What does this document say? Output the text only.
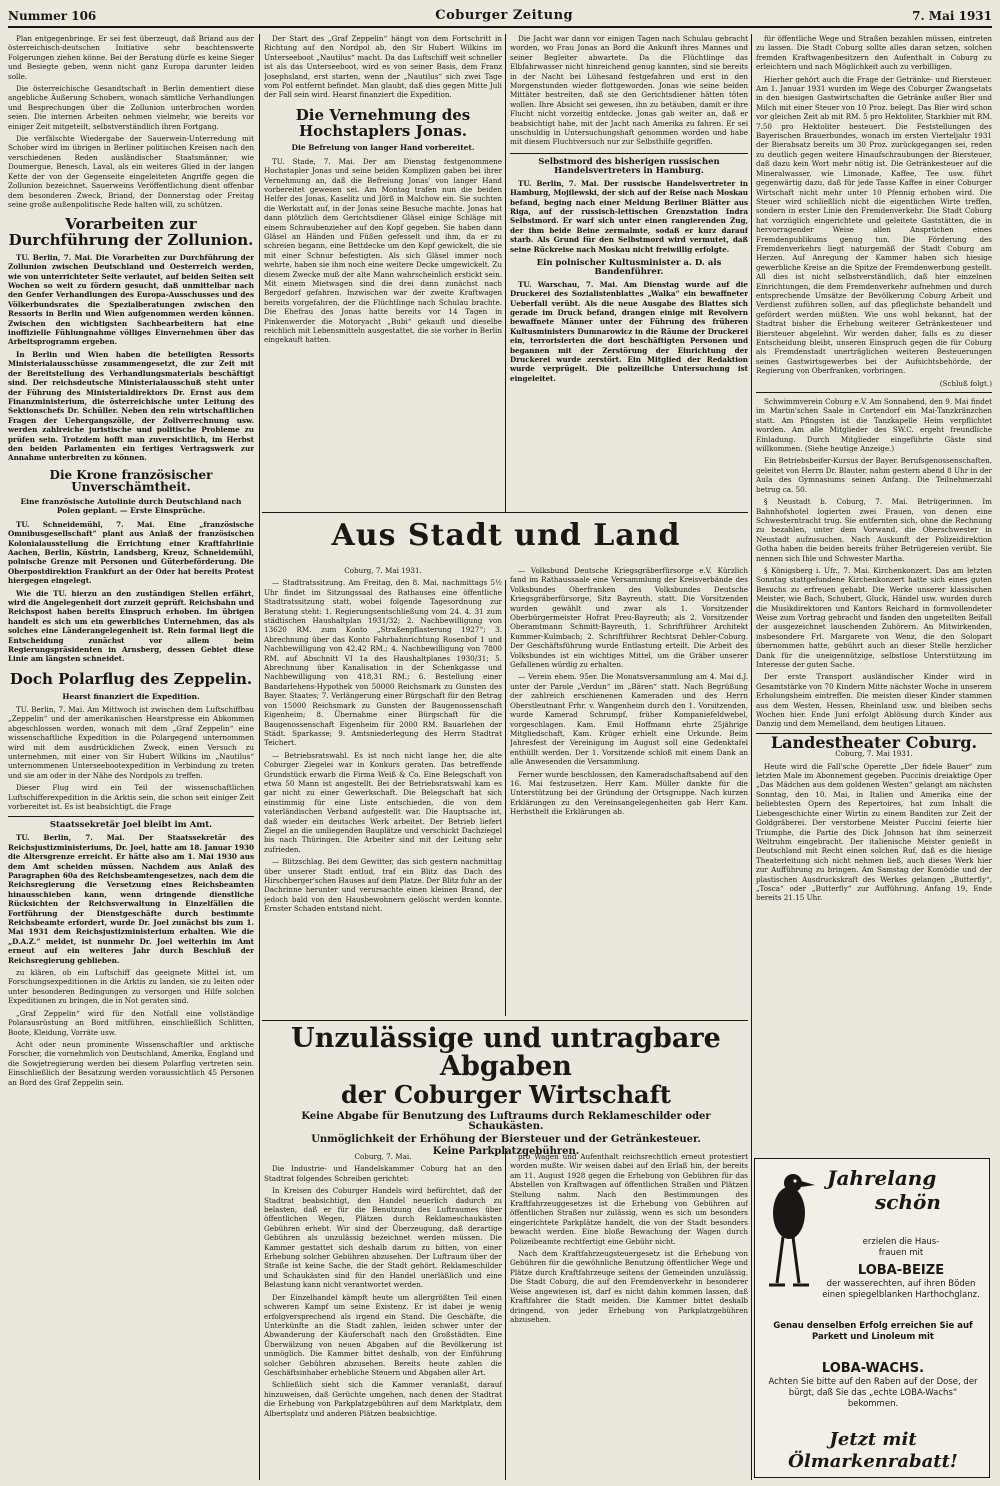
Nummer 106	Coburger Zeitung	7. Mai 1931

Plan entgegenbringe. Er sei fest überzeugt, daß Briand aus der österreichisch-deutschen Initiative sehr beachtenswerte Folgerungen ziehen könne. Bei der Beratung dürfe es keine Sieger und Besiegte geben, wenn nicht ganz Europa darunter leiden solle.

Die österreichische Gesandtschaft in Berlin dementiert diese angebliche Äußerung Schobers, wonach sämtliche Verhandlungen und Besprechungen über die Zollunion unterbrochen worden seien. Die internen Arbeiten nehmen vielmehr, wie bereits vor einiger Zeit mitgeteilt, selbstverständlich ihren Fortgang.

Die verfälschte Wiedergabe der Sauerwein-Unterredung mit Schober wird im übrigen in Berliner politischen Kreisen nach den verschiedenen Reden ausländischer Staatsmänner, wie Doumergue, Benesch, Laval, als ein weiteres Glied in der langen Kette der von der Gegenseite eingeleiteten Angriffe gegen die Zollunion bezeichnet. Sauerweins Veröffentlichung dient offenbar dem besonderen Zweck, Briand, der Donnerstag oder Freitag seine große außenpolitische Rede halten will, zu schützen.

Vorarbeiten zur Durchführung der Zollunion.

TU. Berlin, 7. Mai. Die Vorarbeiten zur Durchführung der Zollunion zwischen Deutschland und Oesterreich werden, wie von unterrichteter Seite verlautet, auf beiden Seiten seit Wochen so weit zu fördern gesucht, daß unmittelbar nach den Genfer Verhandlungen des Europa-Ausschusses und des Völkerbundsrates die Spezialberatungen zwischen den Ressorts in Berlin und Wien aufgenommen werden können. Zwischen den wichtigsten Sachbearbeitern hat eine inoffizielle Fühlungnahme völliges Einvernehmen über das Arbeitsprogramm ergeben.

In Berlin und Wien haben die beteiligten Ressorts Ministerialausschüsse zusammengesetzt, die zur Zeit mit der Bereitstellung des Verhandlungsmaterials beschäftigt sind. Der reichsdeutsche Ministerialausschuß steht unter der Führung des Ministerialdirektors Dr. Ernst aus dem Finanzministerium, die österreichische unter Leitung des Sektionschefs Dr. Schüller. Neben den rein wirtschaftlichen Fragen der Uebergangszölle, der Zollverrechnung usw. werden zahlreiche juristische und politische Probleme zu prüfen sein. Trotzdem hofft man zuversichtlich, im Herbst den beiden Parlamenten ein fertiges Vertragswerk zur Annahme unterbreiten zu können.

Die Krone französischer Unverschämtheit.
Eine französische Autolinie durch Deutschland nach Polen geplant. — Erste Einsprüche.

TU. Schneidemühl, 7. Mai. Eine „französische Omnibusgesellschaft“ plant aus Anlaß der französischen Kolonialausstellung die Errichtung einer Kraftfahrlinie Aachen, Berlin, Küstrin, Landsberg, Kreuz, Schneidemühl, polnische Grenze mit Personen und Güterbeförderung. Die Oberpostdirektion Frankfurt an der Oder hat bereits Protest hiergegen eingelegt.

Wie die TU. hierzu an den zuständigen Stellen erfährt, wird die Angelegenheit dort zurzeit geprüft. Reichsbahn und Reichspost haben bereits Einspruch erhoben. Im übrigen handelt es sich um ein gewerbliches Unternehmen, das als solches eine Länderangelegenheit ist. Rein formal liegt die Entscheidung zunächst vor allem beim Regierungspräsidenten in Arnsberg, dessen Gebiet diese Linie am längsten schneidet.

Doch Polarflug des Zeppelin.
Hearst finanziert die Expedition.

TU. Berlin, 7. Mai. Am Mittwoch ist zwischen dem Luftschiffbau „Zeppelin“ und der amerikanischen Hearstpresse ein Abkommen abgeschlossen worden, wonach mit dem „Graf Zeppelin“ eine wissenschaftliche Expedition in die Polargegend unternommen wird mit dem ausdrücklichen Zweck, einen Versuch zu unternehmen, mit einer von Sir Hubert Wilkins im „Nautilus“ unternommenen Unterseebootexpedition in Verbindung zu treten und sie am oder in der Nähe des Nordpols zu treffen.

Dieser Flug wird ein Teil der wissenschaftlichen Luftschifferexpedition in die Arktis sein, die schon seit einiger Zeit vorbereitet ist. Es ist beabsichtigt, die Frage

Staatssekretär Joel bleibt im Amt.

TU. Berlin, 7. Mai. Der Staatssekretär des Reichsjustizministeriums, Dr. Joel, hatte am 18. Januar 1930 die Altersgrenze erreicht. Er hätte also am 1. Mai 1930 aus dem Amt scheiden müssen. Nachdem aus Anlaß des Paragraphen 60a des Reichsbeamtengesetzes, nach dem die Reichsregierung die Versetzung eines Reichsbeamten hinausschieben kann, wenn dringende dienstliche Rücksichten der Reichsverwaltung in Einzelfällen die Fortführung der Dienstgeschäfte durch bestimmte Reichsbeamte erfordert, wurde Dr. Joel zunächst bis zum 1. Mai 1931 dem Reichsjustizministerium erhalten. Wie die „D.A.Z.“ meldet, ist nunmehr Dr. Joel weiterhin im Amt erneut auf ein weiteres Jahr durch Beschluß der Reichsregierung geblieben.

zu klären, ob ein Luftschiff das geeignete Mittel ist, um Forschungsexpeditionen in die Arktis zu landen, sie zu leiten oder unter besonderen Bedingungen zu versorgen und Hilfe solchen Expeditionen zu bringen, die in Not geraten sind.

„Graf Zeppelin“ wird für den Notfall eine vollständige Polarausrüstung an Bord mitführen, einschließlich Schlitten, Boote, Kleidung, Vorräte usw.

Acht oder neun prominente Wissenschaftler und arktische Forscher, die vornehmlich von Deutschland, Amerika, England und die Sowjetregierung werden bei diesem Polarflug vertreten sein. Einschließlich der Besatzung werden voraussichtlich 45 Personen an Bord des Graf Zeppelin sein.

Der Start des „Graf Zeppelin“ hängt von dem Fortschritt in Richtung auf den Nordpol ab, den Sir Hubert Wilkins im Unterseeboot „Nautilus“ macht. Da das Luftschiff weit schneller ist als das Unterseeboot, wird es von seiner Basis, dem Franz Josephsland, erst starten, wenn der „Nautilus“ sich zwei Tage vom Pol entfernt befindet. Man glaubt, daß dies gegen Mitte Juli der Fall sein wird. Hearst finanziert die Expedition.

Die Vernehmung des Hochstaplers Jonas.
Die Befreiung von langer Hand vorbereitet.

TU. Stade, 7. Mai. Der am Dienstag festgenommene Hochstapler Jonas und seine beiden Komplizen gaben bei ihrer Vernehmung an, daß die Befreiung Jonas' von langer Hand vorbereitet gewesen sei. Am Montag trafen nun die beiden Helfer des Jonas, Kaselitz und Jörß in Malchow ein. Sie suchten die Werkstatt auf, in der Jonas seine Besuche machte. Jonas hat dann plötzlich dem Gerichtsdiener Gläsel einige Schläge mit einem Schraubenzieher auf den Kopf gegeben. Sie haben dann Gläsel an Händen und Füßen gefesselt und ihm, da er zu schreien begann, eine Bettdecke um den Kopf gewickelt, die sie mit einer Schnur befestigten. Als sich Gläsel immer noch wehrte, haben sie ihm noch eine weitere Decke umgewickelt. Zu diesem Zwecke muß der alte Mann wahrscheinlich erstickt sein. Mit einem Mietwagen sind die drei dann zunächst nach Bergedorf gefahren. Inzwischen war der zweite Kraftwagen bereits vorgefahren, der die Flüchtlinge nach Schulau brachte. Die Ehefrau des Jonas hatte bereits vor 14 Tagen in Pinkenwerder die Motoryacht „Bubi“ gekauft und dieselbe reichlich mit Lebensmitteln ausgestattet, die sie vorher in Berlin eingekauft hatten.

Die Jacht war dann vor einigen Tagen nach Schulau gebracht worden, wo Frau Jonas an Bord die Ankunft ihres Mannes und seiner Begleiter abwartete. Da die Flüchtlinge das Elbfahrwasser nicht hinreichend genug kannten, sind sie bereits in der Nacht bei Lühesand festgefahren und erst in den Morgenstunden wieder flottgeworden. Jonas wie seine beiden Mittäter bestreiten, daß sie den Gerichtsdiener hätten töten wollen. Ihre Absicht sei gewesen, ihn zu betäuben, damit er ihre Flucht nicht vorzeitig entdecke. Jonas gab weiter an, daß er beabsichtigt habe, mit der Jacht nach Amerika zu fahren. Er sei unschuldig in Untersuchungshaft genommen worden und habe mit diesem Fluchtversuch nur zur Selbsthilfe gegriffen.

Selbstmord des bisherigen russischen Handelsvertreters in Hamburg.

TU. Berlin, 7. Mai. Der russische Handelsvertreter in Hamburg, Mojilewski, der sich auf der Reise nach Moskau befand, beging nach einer Meldung Berliner Blätter aus Riga, auf der russisch-lettischen Grenzstation Indra Selbstmord. Er warf sich unter einen rangierenden Zug, der ihm beide Beine zermalmte, sodaß er kurz darauf starb. Als Grund für den Selbstmord wird vermutet, daß seine Rückreise nach Moskau nicht freiwillig erfolgte.

Ein polnischer Kultusminister a. D. als Bandenführer.

TU. Warschau, 7. Mai. Am Dienstag wurde auf die Druckerei des Sozialistenblattes „Walka“ ein bewaffneter Ueberfall verübt. Als die neue Ausgabe des Blattes sich gerade im Druck befand, drangen einige mit Revolvern bewaffnete Männer unter der Führung des früheren Kultusministers Dumnarowicz in die Räume der Druckerei ein, terrorisierten die dort beschäftigten Personen und begannen mit der Zerstörung der Einrichtung der Druckerei wurde zerstört. Ein Mitglied der Redaktion wurde verprügelt. Die polizeiliche Untersuchung ist eingeleitet.

Aus Stadt und Land
Coburg, 7. Mai 1931.

— Stadtratssitzung. Am Freitag, den 8. Mai, nachmittags 5½ Uhr findet im Sitzungssaal des Rathauses eine öffentliche Stadtratssitzung statt, wobei folgende Tagesordnung zur Beratung steht: 1. Regierungsentschließung vom 24. 4. 31 zum städtischen Haushaltplan 1931/32; 2. Nachbewilligung von 13620 RM. zum Konto „Straßenpflasterung 1927“; 3. Abrechnung über das Konto Fahrbahnrichtung Rosenbof 1 und Nachbewilligung von 42,42 RM.; 4. Nachbewilligung von 7800 RM. auf Abschnitt VI 1a des Haushaltplanes 1930/31; 5. Abrechnung über Kanalisation in der Schenkgasse und Nachbewilligung von 418,31 RM.; 6. Bestellung einer Bandarlehens-Hypothek von 50000 Reichsmark zu Gunsten des Bayer. Staates; 7. Verlängerung einer Bürgschaft für den Betrag von 15000 Reichsmark zu Gunsten der Baugenossenschaft Eigenheim; 8. Übernahme einer Bürgschaft für die Baugenossenschaft Eigenheim für 2000 RM. Bauarlehen der Städt. Sparkasse; 9. Amtsniederlegung des Herrn Stadtrat Teichert.

— Betriebsratswahl. Es ist noch nicht lange her, die alte Coburger Ziegelei war in Konkurs geraten. Das betreffende Grundstück erwarb die Firma Weiß & Co. Eine Belegschaft von etwa 50 Mann ist angestellt. Bei der Betriebsratswahl kam es gar nicht zu einer Gewerkschaft. Die Belegschaft hat sich einstimmig für eine Liste entschieden, die von dem vaterländischen Verband aufgestellt war. Die Hauptsache ist, daß wieder ein deutsches Werk arbeitet. Der Betrieb liefert Ziegel an die umliegenden Bauplätze und verschickt Dachziegel bis nach Thüringen. Die Arbeiter sind mit der Leitung sehr zufrieden.

— Blitzschlag. Bei dem Gewitter, das sich gestern nachmittag über unserer Stadt entlud, traf ein Blitz das Dach des Hirschberger'schen Hauses auf dem Platze. Der Blitz fuhr an der Dachrinne herunter und verursachte einen kleinen Brand, der jedoch bald von den Hausbewohnern gelöscht werden konnte. Ernster Schaden entstand nicht.

— Volksbund Deutsche Kriegsgräberfürsorge e.V. Kürzlich fand im Rathaussaale eine Versammlung der Kreisverbände des Volksbundes Oberfranken des Volksbundes Deutsche Kriegsgräberfürsorge, Sitz Bayreuth, statt. Die Vorsitzenden wurden gewählt und zwar als 1. Vorsitzender Oberbürgermeister Hofrat Preu-Bayreuth; als 2. Vorsitzender Oberamtmann Schmitt-Bayreuth, 1. Schriftführer Architekt Kummer-Kulmbach; 2. Schriftführer Rechtsrat Dehler-Coburg. Der Geschäftsführung wurde Entlastung erteilt. Die Arbeit des Volksbundes ist ein wichtiges Mittel, um die Gräber unserer Gefallenen würdig zu erhalten.

— Verein ehem. 95er. Die Monatsversammlung am 4. Mai d.J. unter der Parole „Verdun“ im „Bären“ statt. Nach Begrüßung der zahlreich erschienenen Kameraden und des Herrn Oberstleutnant Frhr. v. Wangenheim durch den 1. Vorsitzenden, wurde Kamerad Schrumpf, früher Kompaniefeldwebel, vorgeschlagen. Kam. Emil Hoffmann ehrte 25jährige Mitgliedschaft, Kam. Krüger erhielt eine Urkunde. Beim Jahresfest der Vereinigung im August soll eine Gedenktafel enthüllt werden. Der 1. Vorsitzende schloß mit einem Dank an alle Anwesenden die Versammlung.

Ferner wurde beschlossen, den Kameradschaftsabend auf den 16. Mai festzusetzen. Herr Kam. Müller dankte für die Unterstützung bei der Gründung der Ortsgruppe. Nach kurzen Erklärungen zu den Vereinsangelegenheiten gab Herr Kam. Herbsthelt die Erklärungen ab.

Unzulässige und untragbare Abgaben
der Coburger Wirtschaft
Keine Abgabe für Benutzung des Luftraums durch Reklameschilder oder Schaukästen.
Unmöglichkeit der Erhöhung der Biersteuer und der Getränkesteuer.
Keine Parkplatzgebühren.
Coburg, 7. Mai.

Die Industrie- und Handelskammer Coburg hat an den Stadtrat folgendes Schreiben gerichtet:

In Kreisen des Coburger Handels wird befürchtet, daß der Stadtrat beabsichtigt, den Handel neuerlich dadurch zu belasten, daß er für die Benutzung des Luftraumes über öffentlichen Wegen, Plätzen durch Reklameschaukästen Gebühren erhebt. Wir sind der Überzeugung, daß derartige Gebühren als unzulässig bezeichnet werden müssen. Die Kammer gestattet sich deshalb darum zu bitten, von einer Erhebung solcher Gebühren abzusehen. Der Luftraum über der Straße ist keine Sache, die der Stadt gehört. Reklameschilder und Schaukästen sind für den Handel unerläßlich und eine Belastung kann nicht verantwortet werden.

Der Einzelhandel kämpft heute um allergrößten Teil einen schweren Kampf um seine Existenz. Er ist dabei je wenig erfolgversprechend als irgend ein Stand. Die Geschäfte, die Unterkünfte an die Stadt zahlen, leiden schwer unter der Abwanderung der Käuferschaft nach den Großstädten. Eine Überwälzung von neuen Abgaben auf die Bevölkerung ist unmöglich. Die Kammer bittet deshalb, von der Einführung solcher Gebühren abzusehen. Bereits heute zahlen die Geschäftsinhaber erhebliche Steuern und Abgaben aller Art.

Schließlich sieht sich die Kammer veranlaßt, darauf hinzuweisen, daß Gerüchte umgehen, nach denen der Stadtrat die Erhebung von Parkplatzgebühren auf dem Marktplatz, dem Albertsplatz und anderen Plätzen beabsichtige.

pro Wagen und Aufenthalt reichsrechtlich erneut protestiert worden mußte. Wir weisen dabei auf den Erlaß hin, der bereits am 11. August 1928 gegen die Erhebung von Gebühren für das Abstellen von Kraftwagen auf öffentlichen Straßen und Plätzen Stellung nahm. Nach den Bestimmungen des Kraftfahrzeuggesetzes ist die Erhebung von Gebühren auf öffentlichen Straßen nur zulässig, wenn es sich um besonders eingerichtete Parkplätze handelt, die von der Stadt besonders bewacht werden. Eine bloße Bewachung der Wagen durch Polizeibeamte rechtfertigt eine Gebühr nicht.

Nach dem Kraftfahrzeugsteuergesetz ist die Erhebung von Gebühren für die gewöhnliche Benutzung öffentlicher Wege und Plätze durch Kraftfahrzeuge seitens der Gemeinden unzulässig. Die Stadt Coburg, die auf den Fremdenverkehr in besonderer Weise angewiesen ist, darf es nicht dahin kommen lassen, daß Kraftfahrer die Stadt meiden. Die Kammer bittet deshalb dringend, von jeder Erhebung von Parkplatzgebühren abzusehen.

für öffentliche Wege und Straßen bezahlen müssen, eintreten zu lassen. Die Stadt Coburg sollte alles daran setzen, solchen fremden Kraftwagenbesitzern den Aufenthalt in Coburg zu erleichtern und nach Möglichkeit auch zu verbilligen.

Hierher gehört auch die Frage der Getränke- und Biersteuer. Am 1. Januar 1931 wurden im Wege des Coburger Zwangsetats in den hiesigen Gastwirtschaften die Getränke außer Bier und Milch mit einer Steuer von 10 Proz. belegt. Das Bier wird schon vor gleichen Zeit ab mit RM. 5 pro Hektoliter, Starkbier mit RM. 7.50 pro Hektoliter besteuert. Die Feststellungen des Bayerischen Brauerbundes, wonach im ersten Vierteljahr 1931 der Bierabsatz bereits um 30 Proz. zurückgegangen sei, reden zu deutlich gegen weitere Hinaufschraubungen der Biersteuer, daß dazu kein Wort mehr nötig ist. Die Getränkesteuer auf die Mineralwasser, wie Limonade, Kaffee, Tee usw. führt gegenwärtig dazu, daß für jede Tasse Kaffee in einer Coburger Wirtschaft nicht mehr unter 10 Pfennig erhoben wird. Die Steuer wird schließlich nicht die eigentlichen Wirte treffen, sondern in erster Linie den Fremdenverkehr. Die Stadt Coburg hat vorzüglich eingerichtete und geleitete Gaststätten, die in hervorragender Weise allen Ansprüchen eines Fremdenpublikums genug tun. Die Förderung des Fremdenverkehrs liegt naturgemäß der Stadt Coburg am Herzen. Auf Anregung der Kammer haben sich hiesige gewerbliche Kreise an die Spitze der Fremdenwerbung gestellt. All dies ist nicht selbstverständlich, daß hier einzelnen Einrichtungen, die dem Fremdenverkehr aufnehmen und durch entsprechende Umsätze der Bevölkerung Coburg Arbeit und Verdienst zuführen sollen, auf das pfleglichste behandelt und gefördert werden müßten. Wie uns wohl bekannt, hat der Stadtrat bisher die Erhebung weiterer Getränkesteuer und Biersteuer abgelehnt. Wir werden daher, falls es zu dieser Entscheidung bleibt, unseren Einspruch gegen die für Coburg als Fremdenstadt unerträglichen weiteren Besteuerungen seines Gastwirtsgewerbes bei der Aufsichtsbehörde, der Regierung von Oberfranken, vorbringen.

(Schluß folgt.)

Schwimmverein Coburg e.V. Am Sonnabend, den 9. Mai findet im Martin'schen Saale in Cortendorf ein Mai-Tanzkränzchen statt. Am Pfingsten ist die Tanzkapelle Heim verpflichtet worden. Am alle Mitglieder des SW.C. ergeht freundliche Einladung. Durch Mitglieder eingeführte Gäste sind willkommen. (Siehe heutige Anzeige.)

Ein Betriebsbeifer-Kursus der Bayer. Berufsgenossenschaften, geleitet von Herrn Dr. Blauter, nahm gestern abend 8 Uhr in der Aula des Gymnasiums seinen Anfang. Die Teilnehmerzahl betrug ca. 50.

§ Neustadt b. Coburg, 7. Mai. Betrügerinnen. Im Bahnhofshotel logierten zwei Frauen, von denen eine Schwesterntracht trug. Sie entfernten sich, ohne die Rechnung zu bezahlen, unter dem Vorwand, die Oberschwester in Neustadt aufzusuchen. Nach Auskunft der Polizeidirektion Gotha haben die beiden bereits früher Betrügereien verübt. Sie nennen sich Ihle und Schwester Martha.

§ Königsberg i. Ufr., 7. Mai. Kirchenkonzert. Das am letzten Sonntag stattgefundene Kirchenkonzert hatte sich eines guten Besuchs zu erfreuen gehabt. Die Werke unserer klassischen Meister, wie Bach, Schubert, Gluck, Händel usw. wurden durch die Musikdirektoren und Kantors Reichard in formvollendeter Weise zum Vortrag gebracht und fanden den ungeteilten Beifall der ausgezeichnet lauschenden Zuhörern. An Mitwirkenden, insbesondere Frl. Margarete von Wenz, die den Solopart übernommen hatte, gebührt auch an dieser Stelle herzlicher Dank für die uneigennützige, selbstlose Unterstützung im Interesse der guten Sache.

Der erste Transport ausländischer Kinder wird in Gesamtstärke von 70 Kindern Mitte nächster Woche in unserem Erholungsheim eintreffen. Die meisten dieser Kinder stammen aus dem Westen, Hessen, Rheinland usw. und bleiben sechs Wochen hier. Ende Juni erfolgt Ablösung durch Kinder aus Danzig und dem Memelland, dem heutigen Litauen.

Landestheater Coburg.
Coburg, 7. Mai 1931.

Heute wird die Fall'sche Operette „Der fidele Bauer“ zum letzten Male im Abonnement gegeben. Puccinis dreiaktige Oper „Das Mädchen aus dem goldenen Westen“ gelangt am nächsten Sonntag, den 10. Mai, in Italien und Amerika eine der beliebtesten Opern des Repertoires, hat zum Inhalt die Liebesgeschichte einer Wirtin zu einem Banditen zur Zeit der Goldgräberei. Der verstorbene Meister Puccini feierte hier Triumphe, die Partie des Dick Johnson hat ihm seinerzeit Weltruhm eingebracht. Der italienische Meister genießt in Deutschland mit Recht einen solchen Ruf, daß es die hiesige Theaterleitung sich nicht nehmen ließ, auch dieses Werk hier zur Aufführung zu bringen. Am Samstag der Komödie und der plastischen Ausdruckskraft des Werkes gelangen „Butterfly“, „Tosca“ oder „Butterfly“ zur Aufführung. Anfang 19, Ende bereits 21.15 Uhr.

Jahrelang
schön
erzielen die Haus-
frauen mit
LOBA-BEIZE
der wasserechten, auf ihren Böden einen spiegelblanken Harthochglanz.
Genau denselben Erfolg erreichen Sie auf Parkett und Linoleum mit
LOBA-WACHS.
Achten Sie bitte auf den Raben auf der Dose, der bürgt, daß Sie das „echte LOBA-Wachs“ bekommen.
Jetzt mit Ölmarkenrabatt!
